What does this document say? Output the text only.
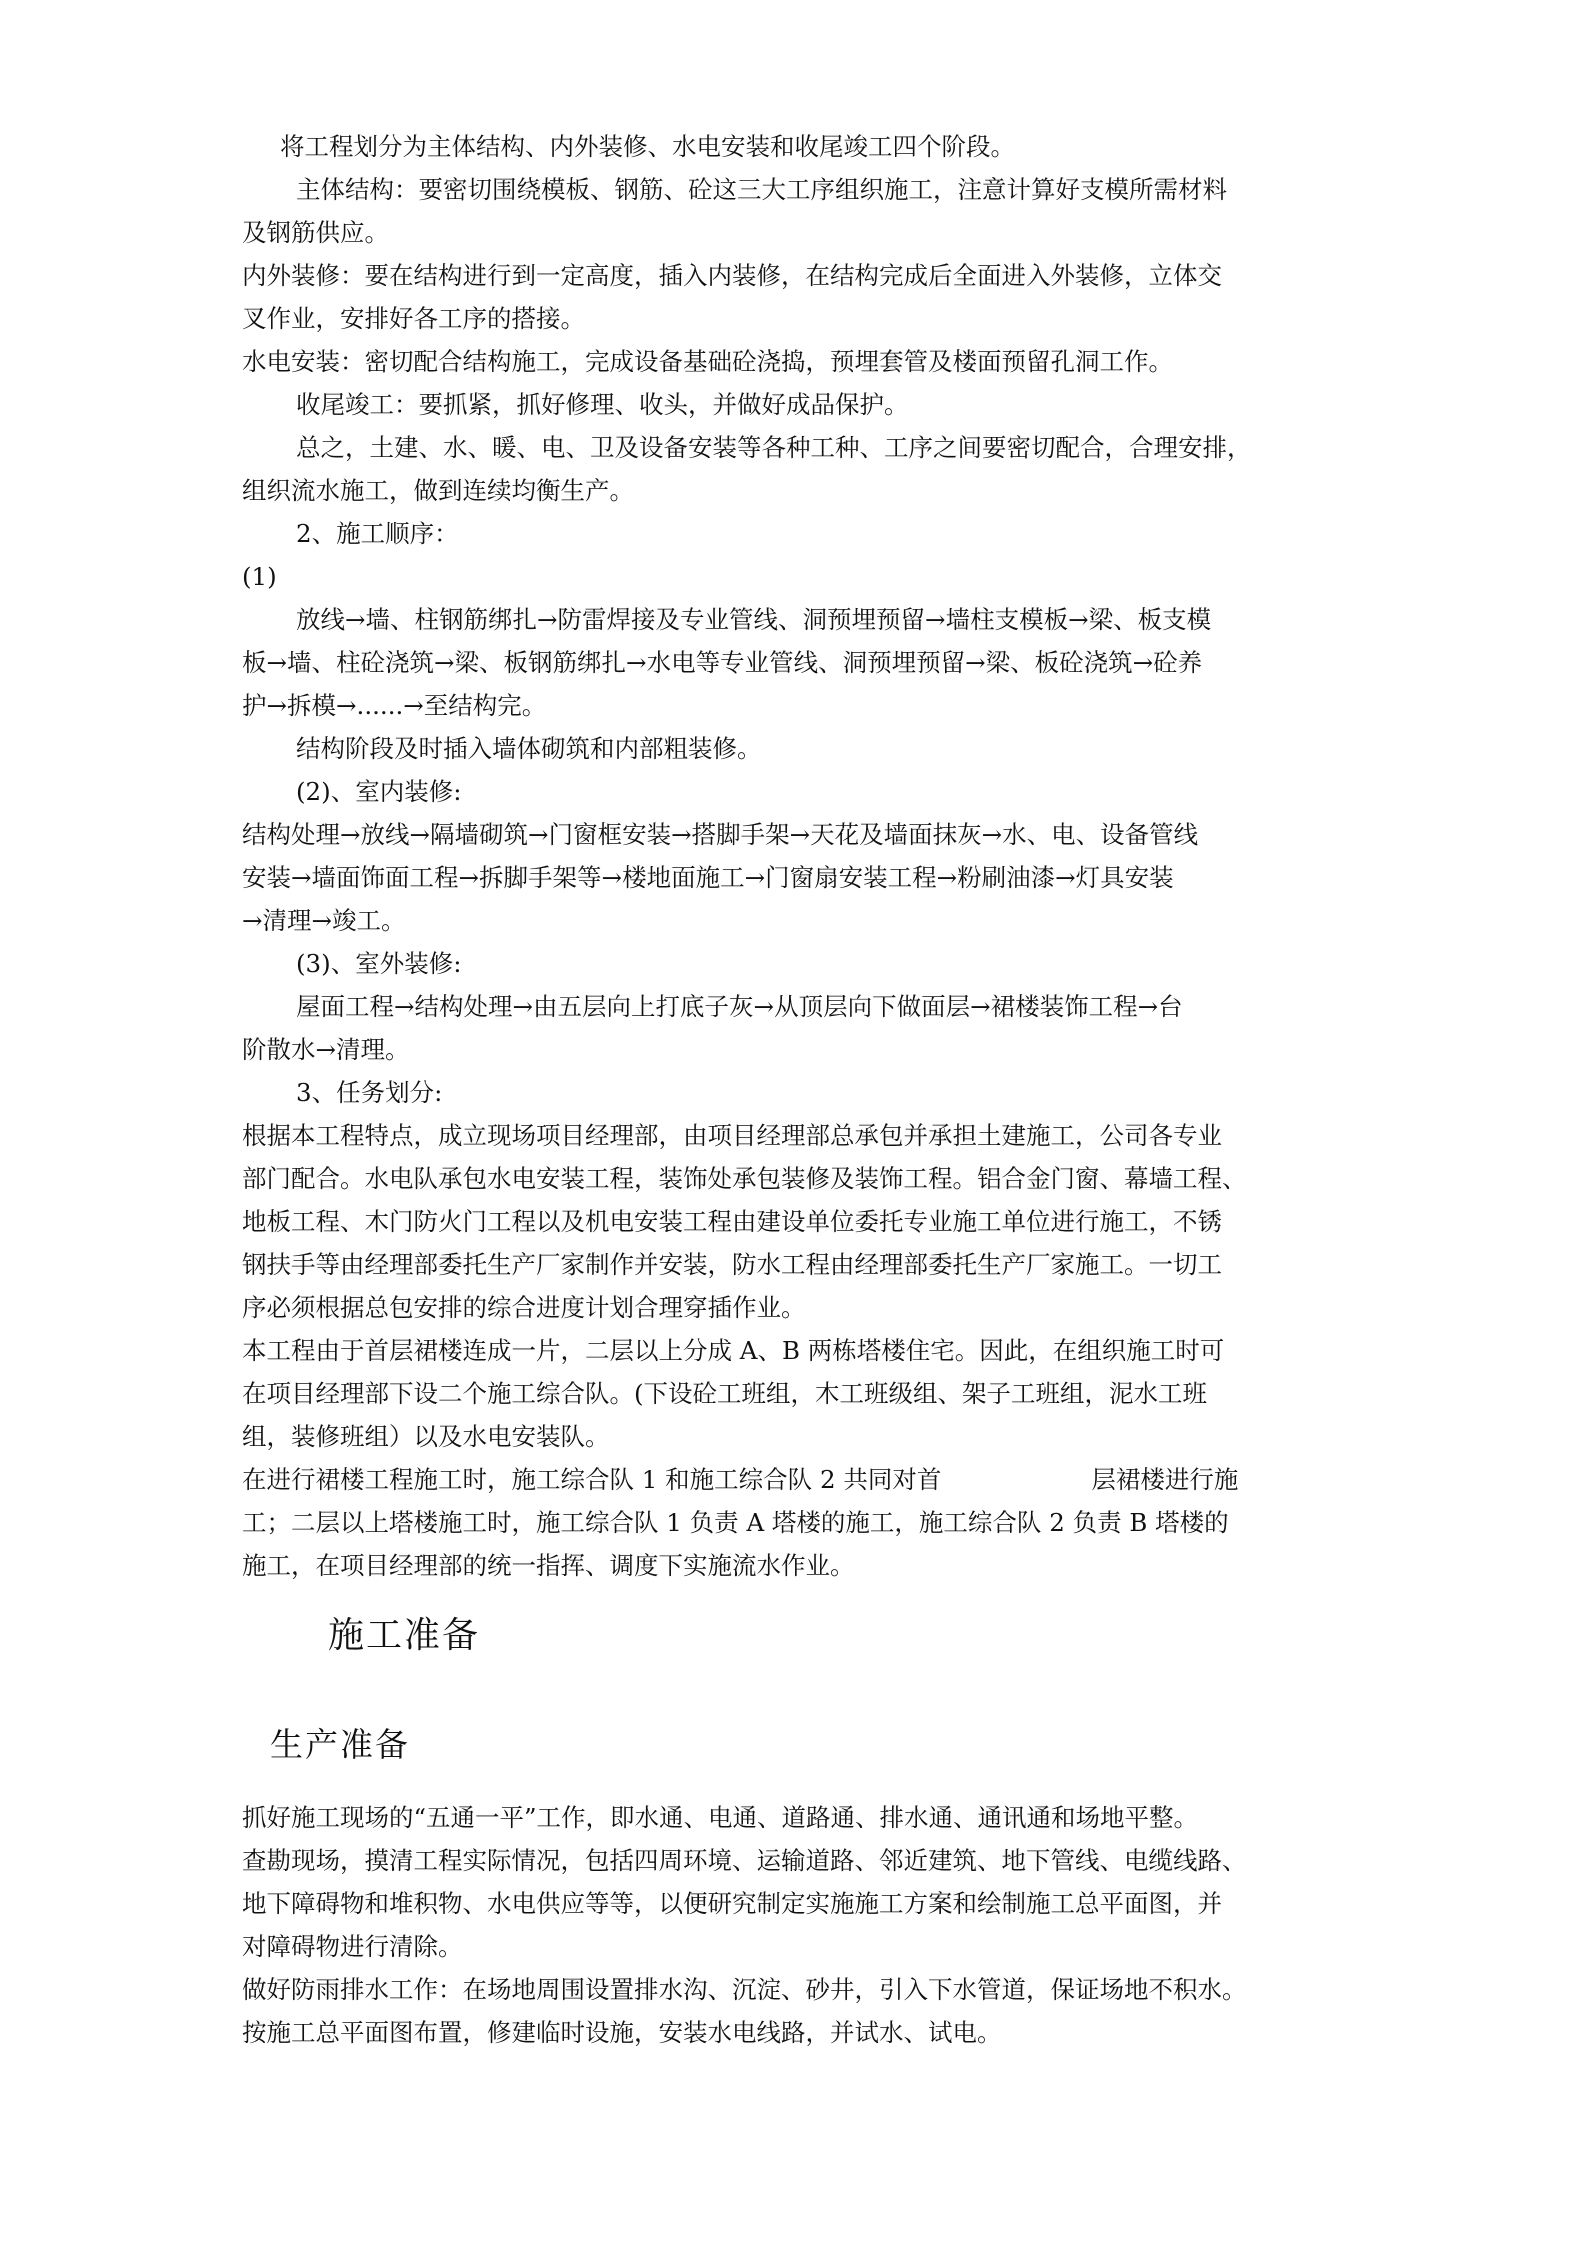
将工程划分为主体结构、内外装修、水电安装和收尾竣工四个阶段。
主体结构：要密切围绕模板、钢筋、砼这三大工序组织施工，注意计算好支模所需材料
及钢筋供应。
内外装修：要在结构进行到一定高度，插入内装修，在结构完成后全面进入外装修，立体交
叉作业，安排好各工序的搭接。
水电安装：密切配合结构施工，完成设备基础砼浇捣，预埋套管及楼面预留孔洞工作。
收尾竣工：要抓紧，抓好修理、收头，并做好成品保护。
总之，土建、水、暖、电、卫及设备安装等各种工种、工序之间要密切配合，合理安排，
组织流水施工，做到连续均衡生产。
2、施工顺序：
(1)
放线→墙、柱钢筋绑扎→防雷焊接及专业管线、洞预埋预留→墙柱支模板→梁、板支模
板→墙、柱砼浇筑→梁、板钢筋绑扎→水电等专业管线、洞预埋预留→梁、板砼浇筑→砼养
护→拆模→......→至结构完。
结构阶段及时插入墙体砌筑和内部粗装修。
(2)、室内装修:
结构处理→放线→隔墙砌筑→门窗框安装→搭脚手架→天花及墙面抹灰→水、电、设备管线
安装→墙面饰面工程→拆脚手架等→楼地面施工→门窗扇安装工程→粉刷油漆→灯具安装
→清理→竣工。
(3)、室外装修:
屋面工程→结构处理→由五层向上打底子灰→从顶层向下做面层→裙楼装饰工程→台
阶散水→清理。
3、任务划分:
根据本工程特点，成立现场项目经理部，由项目经理部总承包并承担土建施工，公司各专业
部门配合。水电队承包水电安装工程，装饰处承包装修及装饰工程。铝合金门窗、幕墙工程、
地板工程、木门防火门工程以及机电安装工程由建设单位委托专业施工单位进行施工，不锈
钢扶手等由经理部委托生产厂家制作并安装，防水工程由经理部委托生产厂家施工。一切工
序必须根据总包安排的综合进度计划合理穿插作业。
本工程由于首层裙楼连成一片，二层以上分成 A、B 两栋塔楼住宅。因此，在组织施工时可
在项目经理部下设二个施工综合队。(下设砼工班组，木工班级组、架子工班组，泥水工班
组，装修班组）以及水电安装队。
在进行裙楼工程施工时，施工综合队 1 和施工综合队 2 共同对首	层裙楼进行施
工；二层以上塔楼施工时，施工综合队 1 负责 A 塔楼的施工，施工综合队 2 负责 B 塔楼的
施工，在项目经理部的统一指挥、调度下实施流水作业。
施工准备
生产准备
抓好施工现场的“五通一平”工作，即水通、电通、道路通、排水通、通讯通和场地平整。
查勘现场，摸清工程实际情况，包括四周环境、运输道路、邻近建筑、地下管线、电缆线路、
地下障碍物和堆积物、水电供应等等，以便研究制定实施施工方案和绘制施工总平面图，并
对障碍物进行清除。
做好防雨排水工作：在场地周围设置排水沟、沉淀、砂井，引入下水管道，保证场地不积水。
按施工总平面图布置，修建临时设施，安装水电线路，并试水、试电。
